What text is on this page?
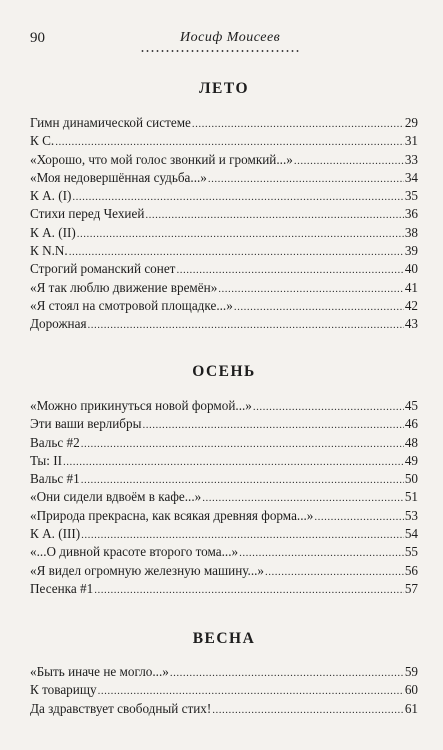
90	Иосиф Моисеев
ЛЕТО
Гимн динамической системе .....	29
К С. .....	31
«Хорошо, что мой голос звонкий и громкий...» .....	33
«Моя недовершённая судьба...» .....	34
К А. (I) .....	35
Стихи перед Чехией .....	36
К А. (II) .....	38
К N.N. .....	39
Строгий романский сонет .....	40
«Я так люблю движение времён» .....	41
«Я стоял на смотровой площадке...» .....	42
Дорожная .....	43
ОСЕНЬ
«Можно прикинуться новой формой...» .....	45
Эти ваши верлибры .....	46
Вальс #2 .....	48
Ты: II .....	49
Вальс #1 .....	50
«Они сидели вдвоём в кафе...» .....	51
«Природа прекрасна, как всякая древняя форма...» .....	53
К А. (III) .....	54
«...О дивной красоте второго тома...» .....	55
«Я видел огромную железную машину...» .....	56
Песенка #1 .....	57
ВЕСНА
«Быть иначе не могло...» .....	59
К товарищу .....	60
Да здравствует свободный стих! .....	61
